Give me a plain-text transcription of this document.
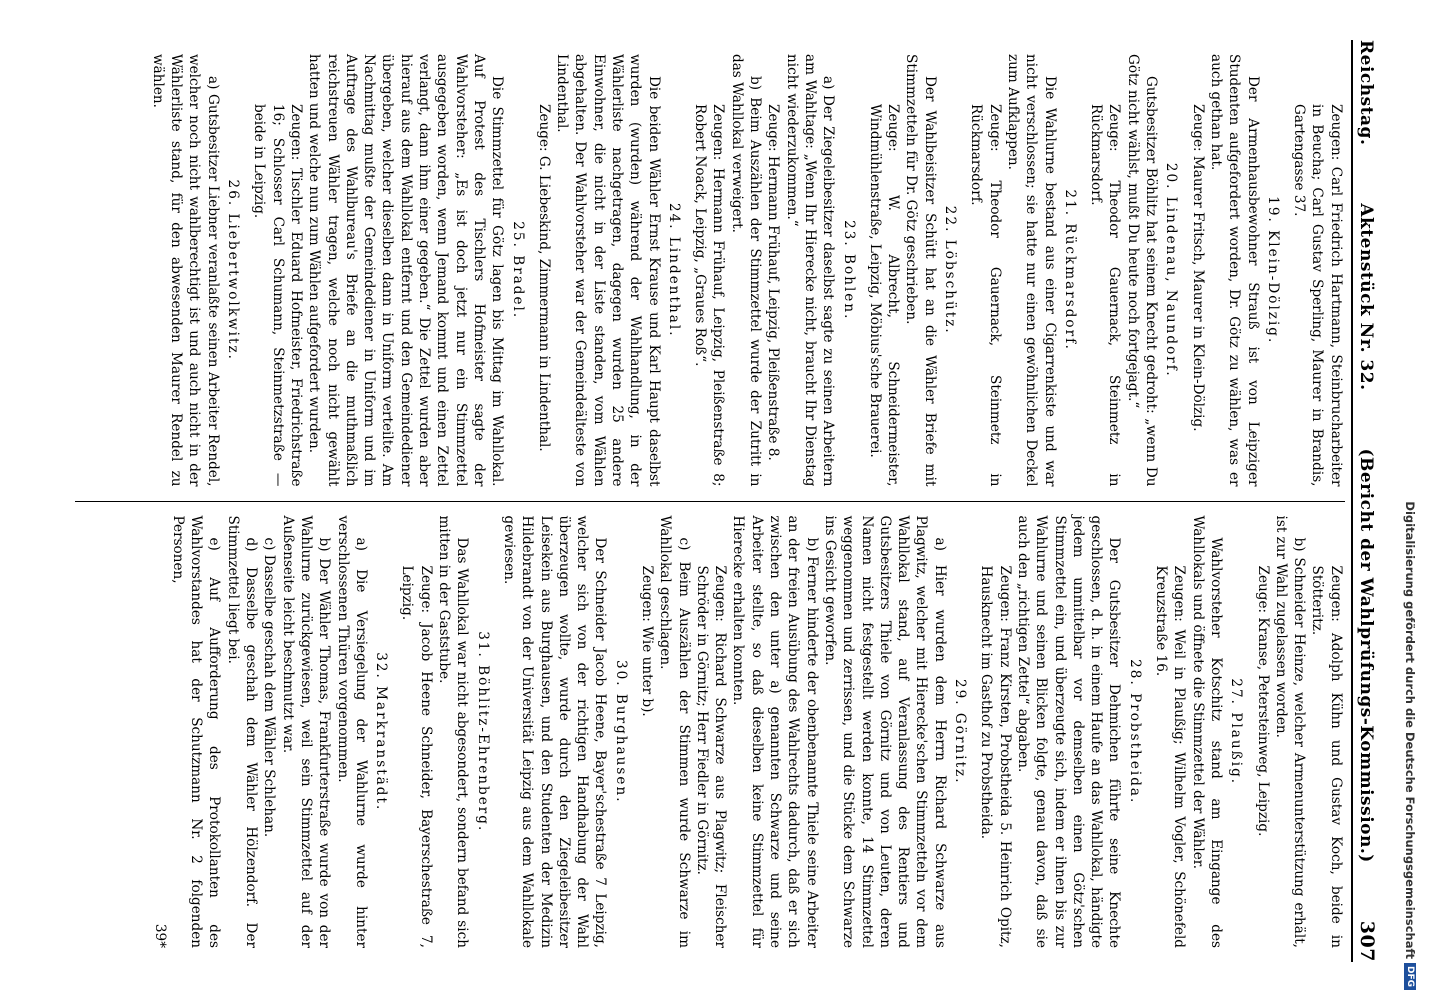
Reichstag.
Aktenstück Nr. 32.
(Bericht der Wahlprüfungs-Kommission.)
307

Zeugen: Carl Friedrich Hartmann, Steinbrucharbeiter in Beucha; Carl Gustav Sperling, Maurer in Brandis, Gartengasse 37.

19. Klein-Dölzig.

Der Armenhausbewohner Strauß ist von Leipziger Studenten aufgefordert worden, Dr. Götz zu wählen, was er auch gethan hat.

Zeuge: Maurer Fritsch, Maurer in Klein-Dölzig.

20. Lindenau, Naundorf.

Gutsbesitzer Böhlitz hat seinem Knecht gedroht: „wenn Du Götz nicht wählst, mußt Du heute noch fortgejagt.“

Zeuge: Theodor Gauernack, Steinmetz in Rückmarsdorf.

21. Rückmarsdorf.

Die Wahlurne bestand aus einer Cigarrenkiste und war nicht verschlossen; sie hatte nur einen gewöhnlichen Deckel zum Aufklappen.

Zeuge: Theodor Gauernack, Steinmetz in Rückmarsdorf.

22. Löbschütz.

Der Wahlbeisitzer Schütt hat an die Wähler Briefe mit Stimmzetteln für Dr. Götz geschrieben.

Zeuge: W. Albrecht, Schneidermeister, Windmühlenstraße, Leipzig, Möbius'sche Brauerei.

23. Bohlen.

a) Der Ziegeleibesitzer daselbst sagte zu seinen Arbeitern am Wahltage: „Wenn Ihr Hierecke nicht, braucht Ihr Dienstag nicht wiederzukommen.“

Zeuge: Hermann Frühauf, Leipzig, Pleißenstraße 8.

b) Beim Auszählen der Stimmzettel wurde der Zutritt in das Wahllokal verweigert.

Zeugen: Hermann Frühauf, Leipzig, Pleißenstraße 8; Robert Noack, Leipzig, „Graues Roß“.

24. Lindenthal.

Die beiden Wähler Ernst Krause und Karl Haupt daselbst wurden (wurden) während der Wahlhandlung, in der Wählerliste nachgetragen, dagegen wurden 25 andere Einwohner, die nicht in der Liste standen, vom Wählen abgehalten. Der Wahlvorsteher war der Gemeindeälteste von Lindenthal.

Zeuge: G. Liebeskind, Zimmermann in Lindenthal.

25. Bradel.

Die Stimmzettel für Götz lagen bis Mittag im Wahllokal. Auf Protest des Tischlers Hofmeister sagte der Wahlvorsteher: „Es ist doch jetzt nur ein Stimmzettel ausgegeben worden, wenn Jemand kommt und einen Zettel verlangt, dann ihm einer gegeben.“ Die Zettel wurden aber hierauf aus dem Wahllokal entfernt und den Gemeindediener übergeben, welcher dieselben dann in Uniform verteilte. Am Nachmittag mußte der Gemeindediener in Uniform und im Auftrage des Wahlbureau's Briefe an die muthmaßlich reichstreuen Wähler tragen, welche noch nicht gewählt hatten und welche nun zum Wählen aufgefordert wurden.

Zeugen: Tischler Eduard Hofmeister, Friedrichstraße 16; Schlosser Carl Schumann, Steinmetzstraße — beide in Leipzig.

26. Liebertwolkwitz.

a) Gutsbesitzer Liebner veranlaßte seinen Arbeiter Rendel, welcher noch nicht wahlberechtigt ist und auch nicht in der Wählerliste stand, für den abwesenden Maurer Rendel zu wählen.

Zeugen: Adolph Kühn und Gustav Koch, beide in Stötteritz.

b) Schneider Heinze, welcher Armenunterstützung erhält, ist zur Wahl zugelassen worden.

Zeuge: Kranse, Petersteinweg, Leipzig.

27. Plaußig.

Wahlvorsteher Kotschitz stand am Eingange des Wahllokals und öffnete die Stimmzettel der Wähler.

Zeugen: Weil in Plaußig; Wilhelm Vogler, Schönefeld Kreuzstraße 16.

28. Probstheida.

Der Gutsbesitzer Dehmichen führte seine Knechte geschlossen, d. h. in einem Haufe an das Wahllokal, händigte jedem unmittelbar vor demselben einen Götz'schen Stimmzettel ein, und überzeugte sich, indem er ihnen bis zur Wahlurne und seinen Blicken folgte, genau davon, daß sie auch den „richtigen Zettel“ abgaben.

Zeugen: Franz Kirsten, Probstheida 5. Heinrich Opitz, Hausknecht im Gasthof zu Probstheida.

29. Görnitz.

a) Hier wurden dem Herrn Richard Schwarze aus Plagwitz, welcher mit Hierecke'schen Stimmzetteln vor dem Wahllokal stand, auf Veranlassung des Rentiers und Gutsbesitzers Thiele von Görnitz und von Leuten, deren Namen nicht festgestellt werden konnte, 14 Stimmzettel weggenommen und zerrissen, und die Stücke dem Schwarze ins Gesicht geworfen.

b) Ferner hinderte der obenbenannte Thiele seine Arbeiter an der freien Ausübung des Wahlrechts dadurch, daß er sich zwischen den unter a) genannten Schwarze und seine Arbeiter stellte, so daß dieselben keine Stimmzettel für Hierecke erhalten konnten.

Zeugen: Richard Schwarze aus Plagwitz; Fleischer Schröder in Görnitz; Herr Fiedler in Görnitz.

c) Beim Auszählen der Stimmen wurde Schwarze im Wahllokal geschlagen.

Zeugen: Wie unter b).

30. Burghausen.

Der Schneider Jacob Heene, Bayer'schestraße 7 Leipzig, welcher sich von der richtigen Handhabung der Wahl überzeugen wollte, wurde durch den Ziegeleibesitzer Leisekein aus Burghausen, und den Studenten der Medizin Hildebrandt von der Universität Leipzig aus dem Wahllokale gewiesen.

31. Böhlitz-Ehrenberg.

Das Wahllokal war nicht abgesondert, sondern befand sich mitten in der Gaststube.

Zeuge: Jacob Heene Schneider, Bayerschestraße 7, Leipzig.

32. Markranstädt.

a) Die Versiegelung der Wahlurne wurde hinter verschlossenen Thüren vorgenommen.

b) Der Wähler Thomas, Frankfurterstraße wurde von der Wahlurne zurückgewiesen, weil sein Stimmzettel auf der Außenseite leicht beschmutzt war.

c) Dasselbe geschah dem Wähler Schlehan.

d) Dasselbe geschah dem Wähler Hölzendorf. Der Stimmzettel liegt bei.

e) Auf Aufforderung des Protokollanten des Wahlvorstandes hat der Schutzmann Nr. 2 folgenden Personen,

39*	Digitalisierung gefördert durch die Deutsche Forschungsgemeinschaft
DFG
